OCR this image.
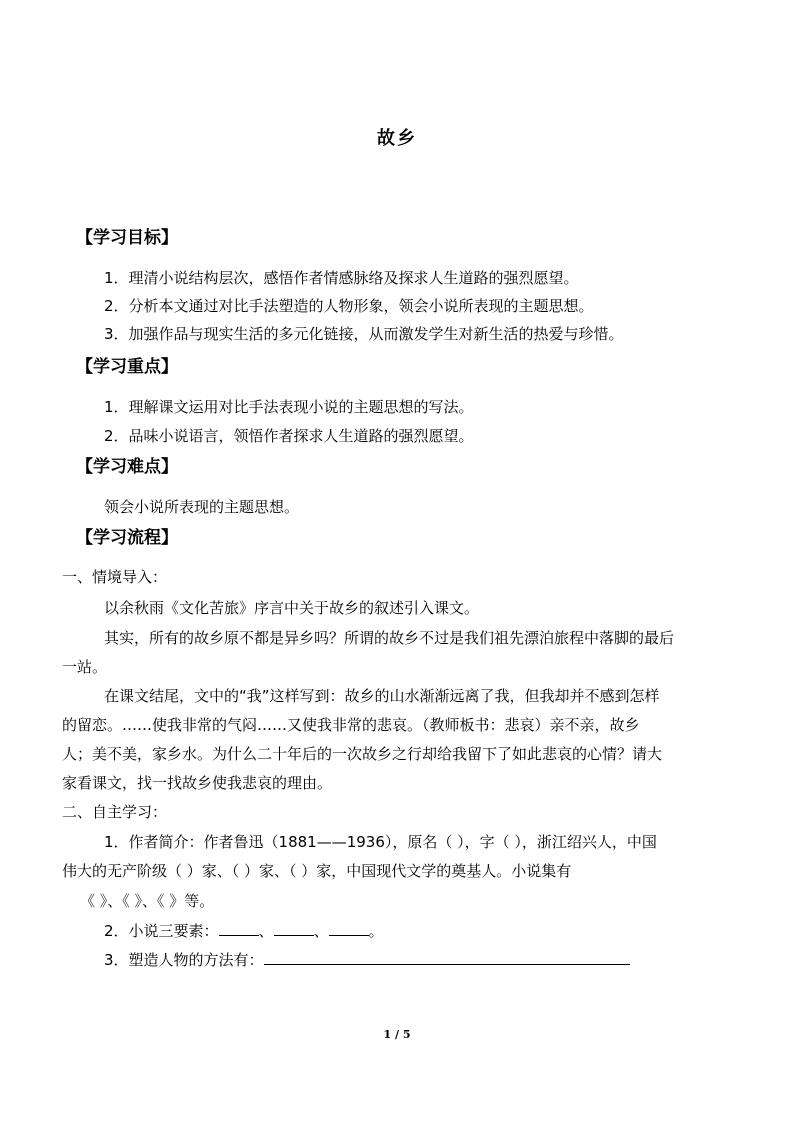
故乡
【学习目标】
1．理清小说结构层次，感悟作者情感脉络及探求人生道路的强烈愿望。
2．分析本文通过对比手法塑造的人物形象，领会小说所表现的主题思想。
3．加强作品与现实生活的多元化链接，从而激发学生对新生活的热爱与珍惜。
【学习重点】
1．理解课文运用对比手法表现小说的主题思想的写法。
2．品味小说语言，领悟作者探求人生道路的强烈愿望。
【学习难点】
领会小说所表现的主题思想。
【学习流程】
一、情境导入：
以余秋雨《文化苦旅》序言中关于故乡的叙述引入课文。
其实，所有的故乡原不都是异乡吗？所谓的故乡不过是我们祖先漂泊旅程中落脚的最后
一站。
在课文结尾，文中的“我”这样写到：故乡的山水渐渐远离了我，但我却并不感到怎样
的留恋。……使我非常的气闷……又使我非常的悲哀。（教师板书：悲哀）亲不亲，故乡
人；美不美，家乡水。为什么二十年后的一次故乡之行却给我留下了如此悲哀的心情？请大
家看课文，找一找故乡使我悲哀的理由。
二、自主学习：
1．作者简介：作者鲁迅（1881——1936），原名（ ），字（ ），浙江绍兴人，中国
伟大的无产阶级（ ）家、（ ）家、（ ）家，中国现代文学的奠基人。小说集有
《 》、《 》、《 》等。
2．小说三要素：	、	、	。
3．塑造人物的方法有：
1 / 5
